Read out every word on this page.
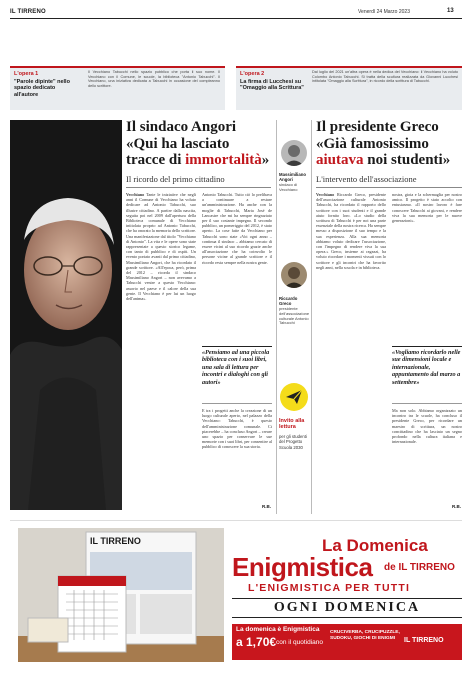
IL TIRRENO	Venerdì 24 Marzo 2023	13
L'opera 1
"Parole dipinte" nello spazio dedicato all'autore
Il Vecchiano Tabucchi nello spazio pubblico che porta il suo nome. Il Vecchiano con il Comune, le scuole, la biblioteca "Antonio Tabucchi". Il Vecchiano, una iniziativa dedicata a Tabucchi in occasione del compleanno dello scrittore.
L'opera 2
La firma di Lucchesi su "Omaggio alla Scrittura"
Dal luglio del 2021 un'altra opera è nella dedica del Vecchiano: il Vecchiano ha voluto Colombo Antonio Tabucchi. Si tratta della scultura realizzata da Giovanni Lucchesi intitolata "Omaggio alla Scrittura", in ricordo della scrittura di Tabucchi.
Il sindaco Angori
«Qui ha lasciato
tracce di immortalità»
Il ricordo del primo cittadino
Vecchiano Tante le iniziative che negli anni il Comune di Vecchiano ha voluto dedicare ad Antonio Tabucchi, suo illustre cittadino. A partire dalla nascita, seguita poi nel 2009 dall'apertura della Biblioteca comunale di Vecchiano intitolata proprio ad Antonio Tabucchi, che ha onorato la memoria dello scrittore. Una manifestazione dal titolo "Vecchiano di Antonio". La vita e le opere sono state rappresentate a questo storico legame, con tanto di pubblico e di ospiti. Un evento portato avanti dal primo cittadino, Massimiliano Angori, che ha ricordato il grande scrittore. «All'epoca, però, prima del 2012 – ricorda il sindaco Massimiliano Angori – non avevamo a Tabucchi venire a questo Vecchiano: assorto nel paese e il calore della sua gente. Il Vecchiano è per lui un luogo dell'anima».
Antonio Tabucchi. Tutto ciò lo prelibava a continuare a restare un'amministrazione. Ha anche con la moglie di Tabucchi, Maria José de Lancastre che mi ha sempre ringraziato per il suo costante impegno. Il secondo pubblico, un pomeriggio del 2012, è stato aperto. La cose fatte da Vecchiano per Tabucchi sono state «Voi ogni anno – continua il sindaco – abbiamo cercato di essere vicini al suo ricordo grazie anche all'associazione che ha coinvolto le persone vicine al grande scrittore e il ricordo resta sempre nella nostra gente.
«Pensiamo ad una piccola biblioteca con i suoi libri, una sala di lettura per incontri e dialoghi con gli autori»
E tra i progetti anche la creazione di un luogo culturale aperto, nel palazzo della Vecchiano: Tabucchi, è questo dell'amministrazione comunale. Ci piacerebbe – ha concluso Angori – creare uno spazio per conservare le sue memorie con i suoi libri, per consentire al pubblico di conoscere la sua storia.
R.B.
Massimiliano Angori
sindaco di Vecchiano
Riccardo Greco
presidente dell'associazione culturale Antonio Tabucchi
Invito alla lettura
per gli studenti del Progetto Scuola 2030
Il presidente Greco
«Già famosissimo
aiutava noi studenti»
L'intervento dell'associazione
Vecchiano Riccardo Greco, presidente dell'associazione culturale Antonio Tabucchi, ha ricordato il rapporto dello scrittore con i suoi studenti e il grande aiuto fornito loro. «Lo studio della scrittura di Tabucchi è per noi una parte essenziale della nostra ricerca. Ha sempre messo a disposizione il suo tempo e la sua esperienza. Alla sua memoria abbiamo voluto dedicare l'associazione, con l'impegno di rendere viva la sua opera.» Greco, insieme ai ragazzi, ha voluto ricordare i momenti vissuti con lo scrittore e gli incontri che ha favorito negli anni, nella scuola e in biblioteca.
nostra, gioia e la schermaglia per nostro amico. Il progetto è stato accolto con entusiasmo. «Il nostro lavoro è fare conoscere Tabucchi ai giovani, e rendere viva la sua memoria per le nuove generazioni».
«Vogliamo ricordarlo nelle sue dimensioni locale e internazionale, appuntamento dal marzo a settembre»
Ma non solo. Abbiamo organizzato un incontro tra le scuole, ha concluso il presidente Greco, per ricordare un maestro di scrittura, un nostro concittadino che ha lasciato un segno profondo nella cultura italiana e internazionale.
R.B.
IL TIRRENO	La Domenica
Enigmistica de IL TIRRENO
L'ENIGMISTICA PER TUTTI
OGNI DOMENICA
La domenica è Enigmistica
a 1,70€ con il quotidiano
CRUCIVERBA, CRUCIPUZZLE, SUDOKU, GIOCHI DI ENIGMI	IL TIRRENO
